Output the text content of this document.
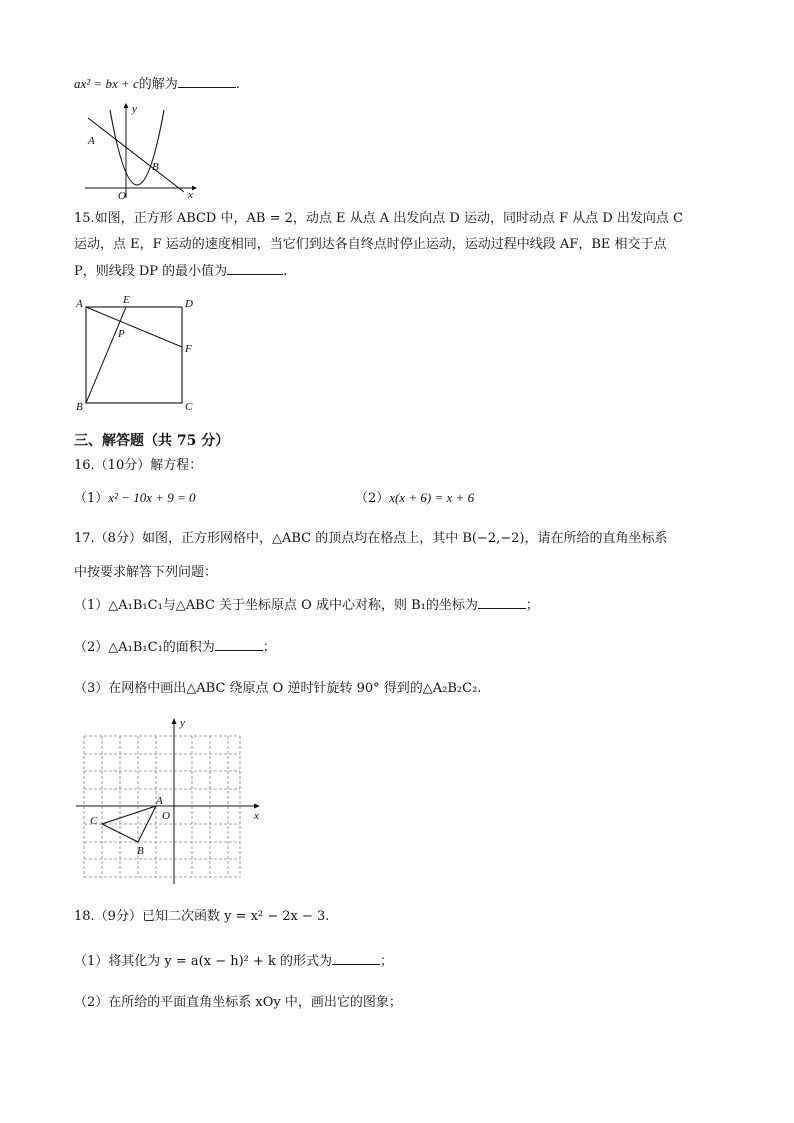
ax² = bx + c的解为	.
y
x
O
A
B
15.如图，正方形 ABCD 中，AB = 2，动点 E 从点 A 出发向点 D 运动，同时动点 F 从点 D 出发向点 C
运动，点 E，F 运动的速度相同，当它们到达各自终点时停止运动，运动过程中线段 AF，BE 相交于点
P，则线段 DP 的最小值为	.
A	E	D
P
F
B	C
三、解答题（共 75 分）
16.（10分）解方程：
（1）x² − 10x + 9 = 0	（2）x(x + 6) = x + 6
17.（8分）如图，正方形网格中，△ABC 的顶点均在格点上，其中 B(−2,−2)，请在所给的直角坐标系
中按要求解答下列问题：
（1）△A₁B₁C₁与△ABC 关于坐标原点 O 成中心对称，则 B₁的坐标为	；
（2）△A₁B₁C₁的面积为	；
（3）在网格中画出△ABC 绕原点 O 逆时针旋转 90° 得到的△A₂B₂C₂.
y
x
O
A
C
B
18.（9分）已知二次函数 y = x² − 2x − 3.
（1）将其化为 y = a(x − h)² + k 的形式为	；
（2）在所给的平面直角坐标系 xOy 中，画出它的图象；
